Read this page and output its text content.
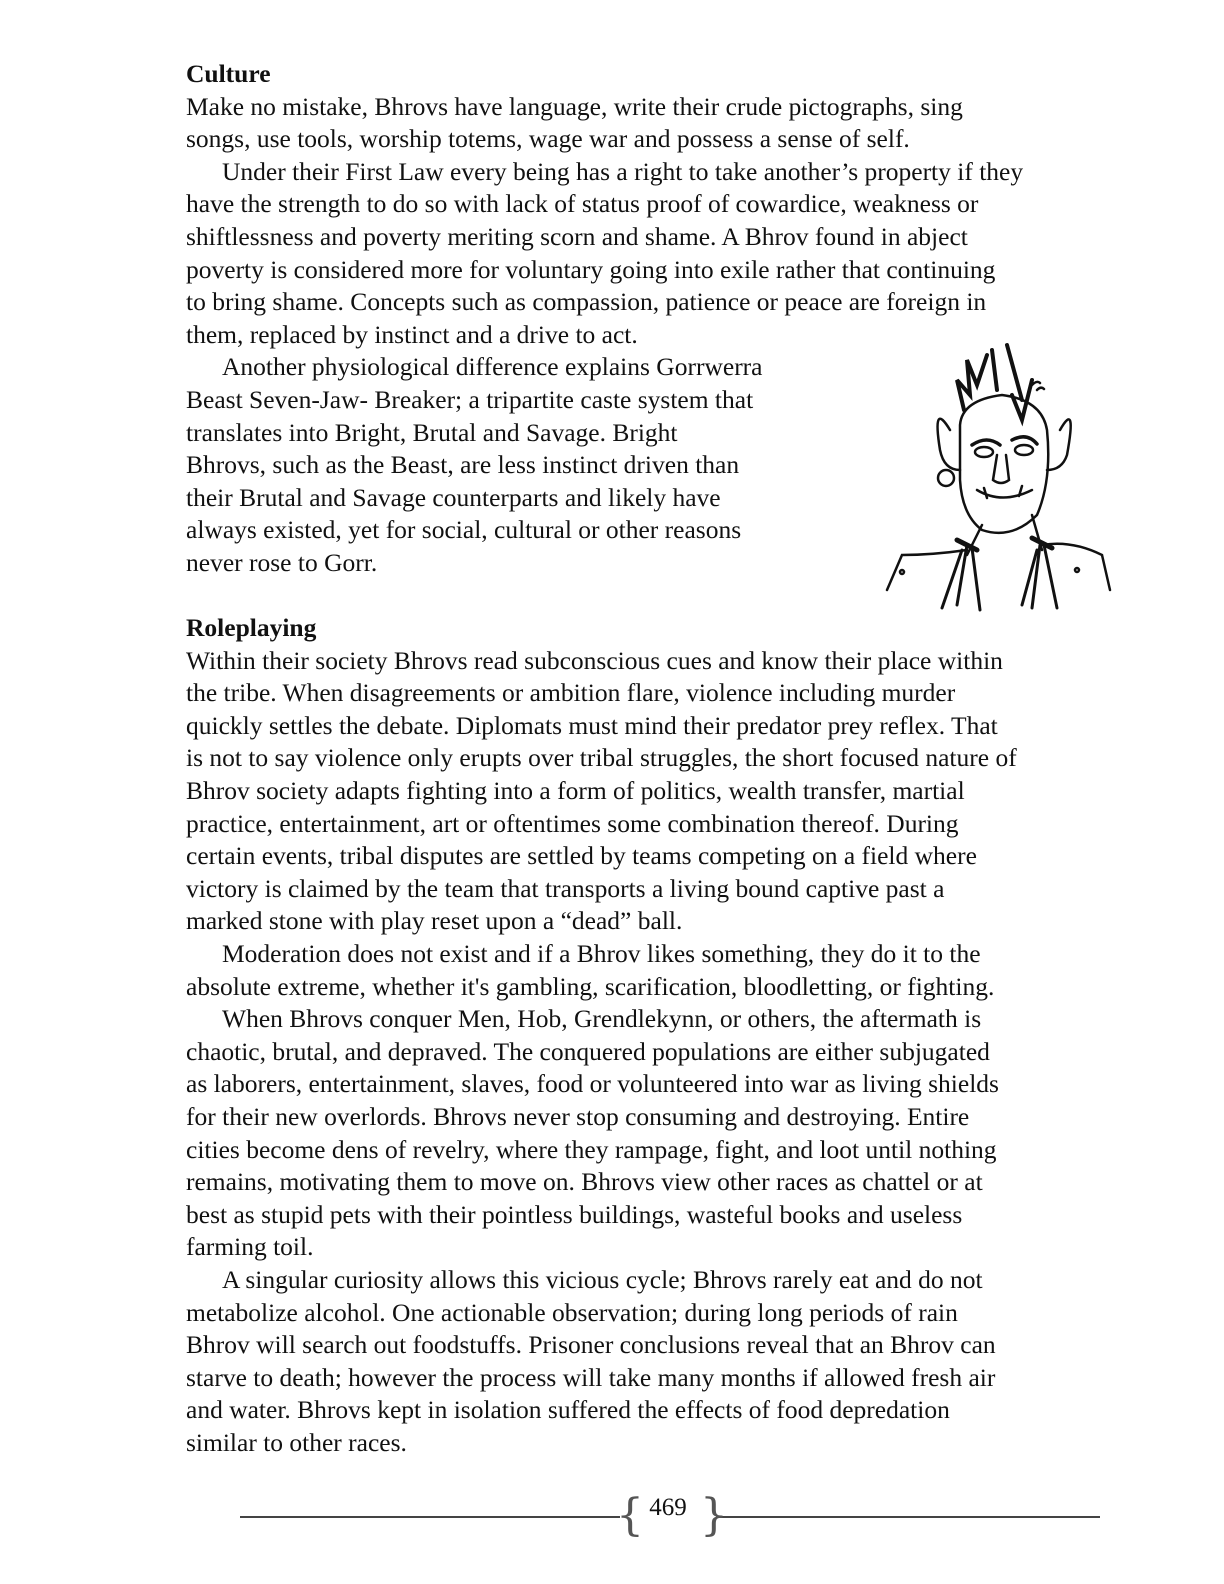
Culture
Make no mistake, Bhrovs have language, write their crude pictographs, sing
songs, use tools, worship totems, wage war and possess a sense of self.
Under their First Law every being has a right to take another’s property if they
have the strength to do so with lack of status proof of cowardice, weakness or
shiftlessness and poverty meriting scorn and shame. A Bhrov found in abject
poverty is considered more for voluntary going into exile rather that continuing
to bring shame. Concepts such as compassion, patience or peace are foreign in
them, replaced by instinct and a drive to act.
Another physiological difference explains Gorrwerra
Beast Seven-Jaw- Breaker; a tripartite caste system that
translates into Bright, Brutal and Savage. Bright
Bhrovs, such as the Beast, are less instinct driven than
their Brutal and Savage counterparts and likely have
always existed, yet for social, cultural or other reasons
never rose to Gorr.
Roleplaying
Within their society Bhrovs read subconscious cues and know their place within
the tribe. When disagreements or ambition flare, violence including murder
quickly settles the debate. Diplomats must mind their predator prey reflex. That
is not to say violence only erupts over tribal struggles, the short focused nature of
Bhrov society adapts fighting into a form of politics, wealth transfer, martial
practice, entertainment, art or oftentimes some combination thereof. During
certain events, tribal disputes are settled by teams competing on a field where
victory is claimed by the team that transports a living bound captive past a
marked stone with play reset upon a “dead” ball.
Moderation does not exist and if a Bhrov likes something, they do it to the
absolute extreme, whether it's gambling, scarification, bloodletting, or fighting.
When Bhrovs conquer Men, Hob, Grendlekynn, or others, the aftermath is
chaotic, brutal, and depraved. The conquered populations are either subjugated
as laborers, entertainment, slaves, food or volunteered into war as living shields
for their new overlords. Bhrovs never stop consuming and destroying. Entire
cities become dens of revelry, where they rampage, fight, and loot until nothing
remains, motivating them to move on. Bhrovs view other races as chattel or at
best as stupid pets with their pointless buildings, wasteful books and useless
farming toil.
A singular curiosity allows this vicious cycle; Bhrovs rarely eat and do not
metabolize alcohol. One actionable observation; during long periods of rain
Bhrov will search out foodstuffs. Prisoner conclusions reveal that an Bhrov can
starve to death; however the process will take many months if allowed fresh air
and water. Bhrovs kept in isolation suffered the effects of food depredation
similar to other races.
{ }
469
